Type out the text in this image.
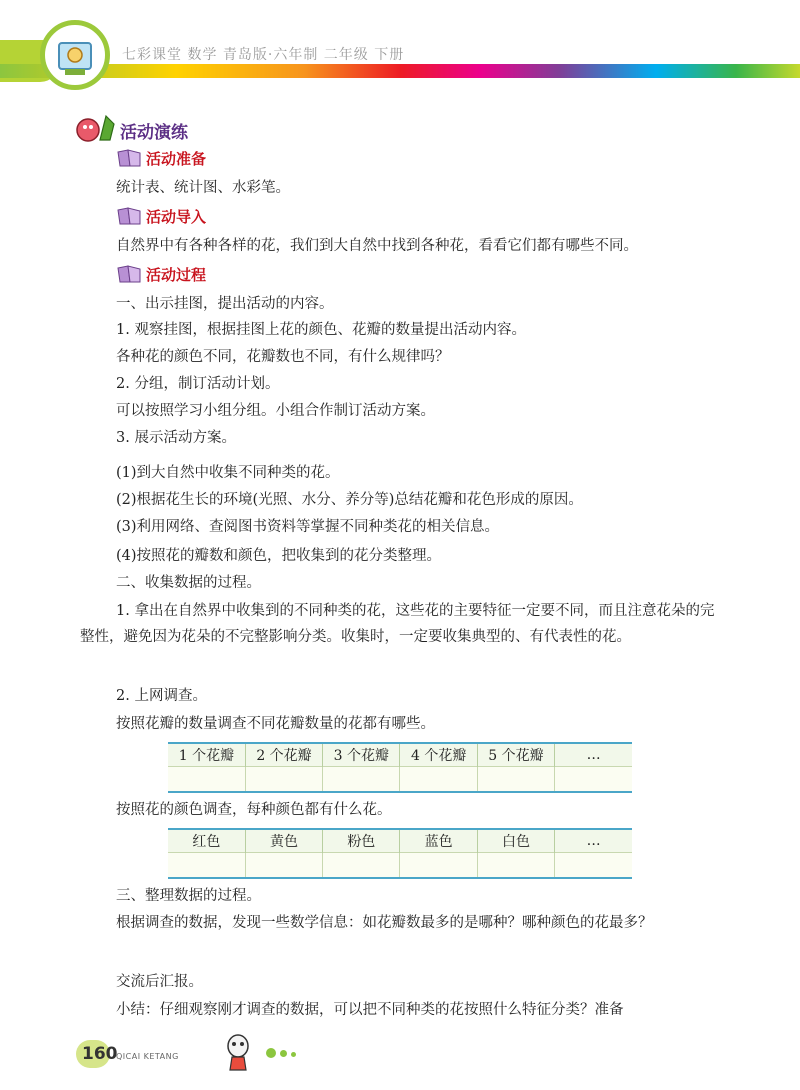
七彩课堂 数学 青岛版·六年制 二年级 下册
活动演练
活动准备
统计表、统计图、水彩笔。
活动导入
自然界中有各种各样的花，我们到大自然中找到各种花，看看它们都有哪些不同。
活动过程
一、出示挂图，提出活动的内容。
1. 观察挂图，根据挂图上花的颜色、花瓣的数量提出活动内容。
各种花的颜色不同，花瓣数也不同，有什么规律吗？
2. 分组，制订活动计划。
可以按照学习小组分组。小组合作制订活动方案。
3. 展示活动方案。
(1)到大自然中收集不同种类的花。
(2)根据花生长的环境(光照、水分、养分等)总结花瓣和花色形成的原因。
(3)利用网络、查阅图书资料等掌握不同种类花的相关信息。
(4)按照花的瓣数和颜色，把收集到的花分类整理。
二、收集数据的过程。
1. 拿出在自然界中收集到的不同种类的花，这些花的主要特征一定要不同，而且注意花朵的完整性，避免因为花朵的不完整影响分类。收集时，一定要收集典型的、有代表性的花。
2. 上网调查。
按照花瓣的数量调查不同花瓣数量的花都有哪些。
1 个花瓣	2 个花瓣	3 个花瓣	4 个花瓣	5 个花瓣	…

按照花的颜色调查，每种颜色都有什么花。
红色	黄色	粉色	蓝色	白色	…

三、整理数据的过程。
根据调查的数据，发现一些数学信息：如花瓣数最多的是哪种？哪种颜色的花最多？
交流后汇报。
小结：仔细观察刚才调查的数据，可以把不同种类的花按照什么特征分类？准备
160
QICAI KETANG
